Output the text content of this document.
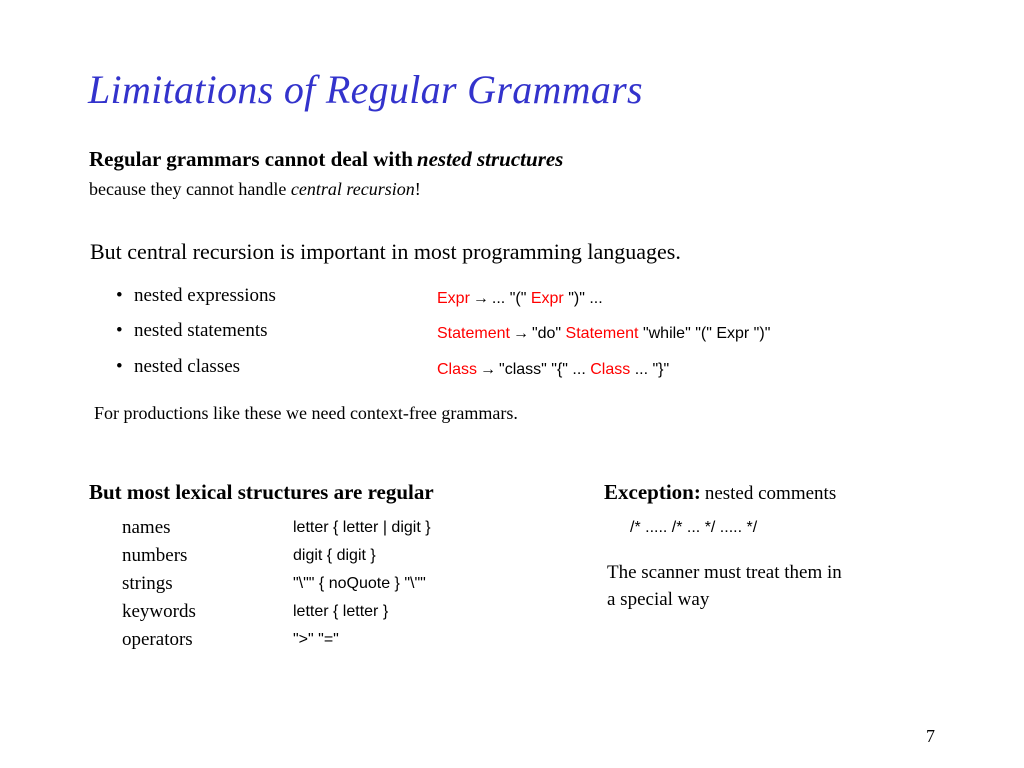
Limitations of Regular Grammars
Regular grammars cannot deal with nested structures
because they cannot handle central recursion!
But central recursion is important in most programming languages.
• nested expressions
• nested statements
• nested classes
Expr → ... "(" Expr ")" ...
Statement → "do" Statement "while" "(" Expr ")"
Class → "class" "{" ... Class ... "}"
For productions like these we need context-free grammars.
But most lexical structures are regular
names	letter { letter | digit }
numbers	digit { digit }
strings	"\"" { noQuote } "\""
keywords	letter { letter }
operators	">" "="
Exception: nested comments
/* ..... /* ... */ ..... */
The scanner must treat them in
a special way
7
